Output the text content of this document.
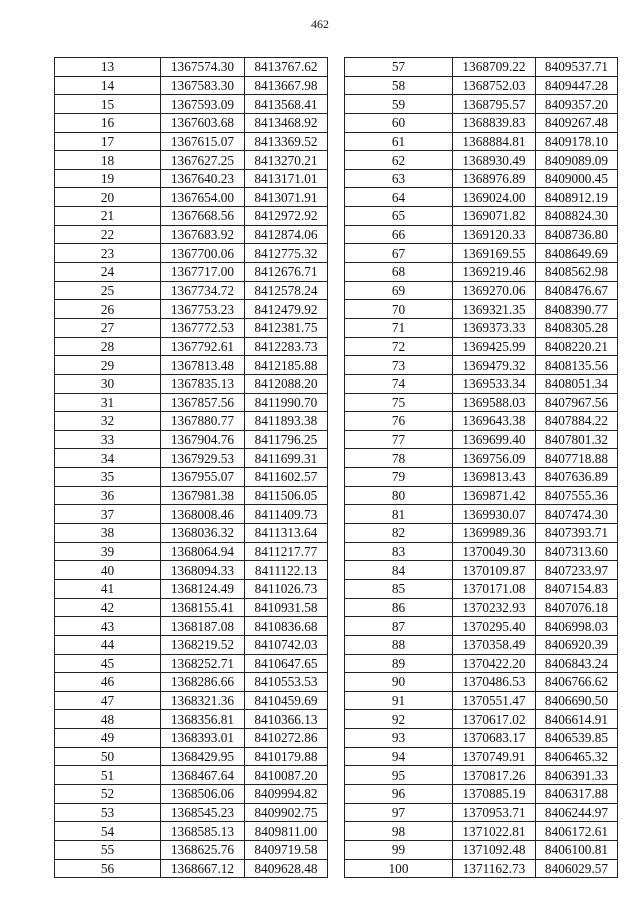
462
13	1367574.30	8413767.62
14	1367583.30	8413667.98
15	1367593.09	8413568.41
16	1367603.68	8413468.92
17	1367615.07	8413369.52
18	1367627.25	8413270.21
19	1367640.23	8413171.01
20	1367654.00	8413071.91
21	1367668.56	8412972.92
22	1367683.92	8412874.06
23	1367700.06	8412775.32
24	1367717.00	8412676.71
25	1367734.72	8412578.24
26	1367753.23	8412479.92
27	1367772.53	8412381.75
28	1367792.61	8412283.73
29	1367813.48	8412185.88
30	1367835.13	8412088.20
31	1367857.56	8411990.70
32	1367880.77	8411893.38
33	1367904.76	8411796.25
34	1367929.53	8411699.31
35	1367955.07	8411602.57
36	1367981.38	8411506.05
37	1368008.46	8411409.73
38	1368036.32	8411313.64
39	1368064.94	8411217.77
40	1368094.33	8411122.13
41	1368124.49	8411026.73
42	1368155.41	8410931.58
43	1368187.08	8410836.68
44	1368219.52	8410742.03
45	1368252.71	8410647.65
46	1368286.66	8410553.53
47	1368321.36	8410459.69
48	1368356.81	8410366.13
49	1368393.01	8410272.86
50	1368429.95	8410179.88
51	1368467.64	8410087.20
52	1368506.06	8409994.82
53	1368545.23	8409902.75
54	1368585.13	8409811.00
55	1368625.76	8409719.58
56	1368667.12	8409628.48
57	1368709.22	8409537.71
58	1368752.03	8409447.28
59	1368795.57	8409357.20
60	1368839.83	8409267.48
61	1368884.81	8409178.10
62	1368930.49	8409089.09
63	1368976.89	8409000.45
64	1369024.00	8408912.19
65	1369071.82	8408824.30
66	1369120.33	8408736.80
67	1369169.55	8408649.69
68	1369219.46	8408562.98
69	1369270.06	8408476.67
70	1369321.35	8408390.77
71	1369373.33	8408305.28
72	1369425.99	8408220.21
73	1369479.32	8408135.56
74	1369533.34	8408051.34
75	1369588.03	8407967.56
76	1369643.38	8407884.22
77	1369699.40	8407801.32
78	1369756.09	8407718.88
79	1369813.43	8407636.89
80	1369871.42	8407555.36
81	1369930.07	8407474.30
82	1369989.36	8407393.71
83	1370049.30	8407313.60
84	1370109.87	8407233.97
85	1370171.08	8407154.83
86	1370232.93	8407076.18
87	1370295.40	8406998.03
88	1370358.49	8406920.39
89	1370422.20	8406843.24
90	1370486.53	8406766.62
91	1370551.47	8406690.50
92	1370617.02	8406614.91
93	1370683.17	8406539.85
94	1370749.91	8406465.32
95	1370817.26	8406391.33
96	1370885.19	8406317.88
97	1370953.71	8406244.97
98	1371022.81	8406172.61
99	1371092.48	8406100.81
100	1371162.73	8406029.57
